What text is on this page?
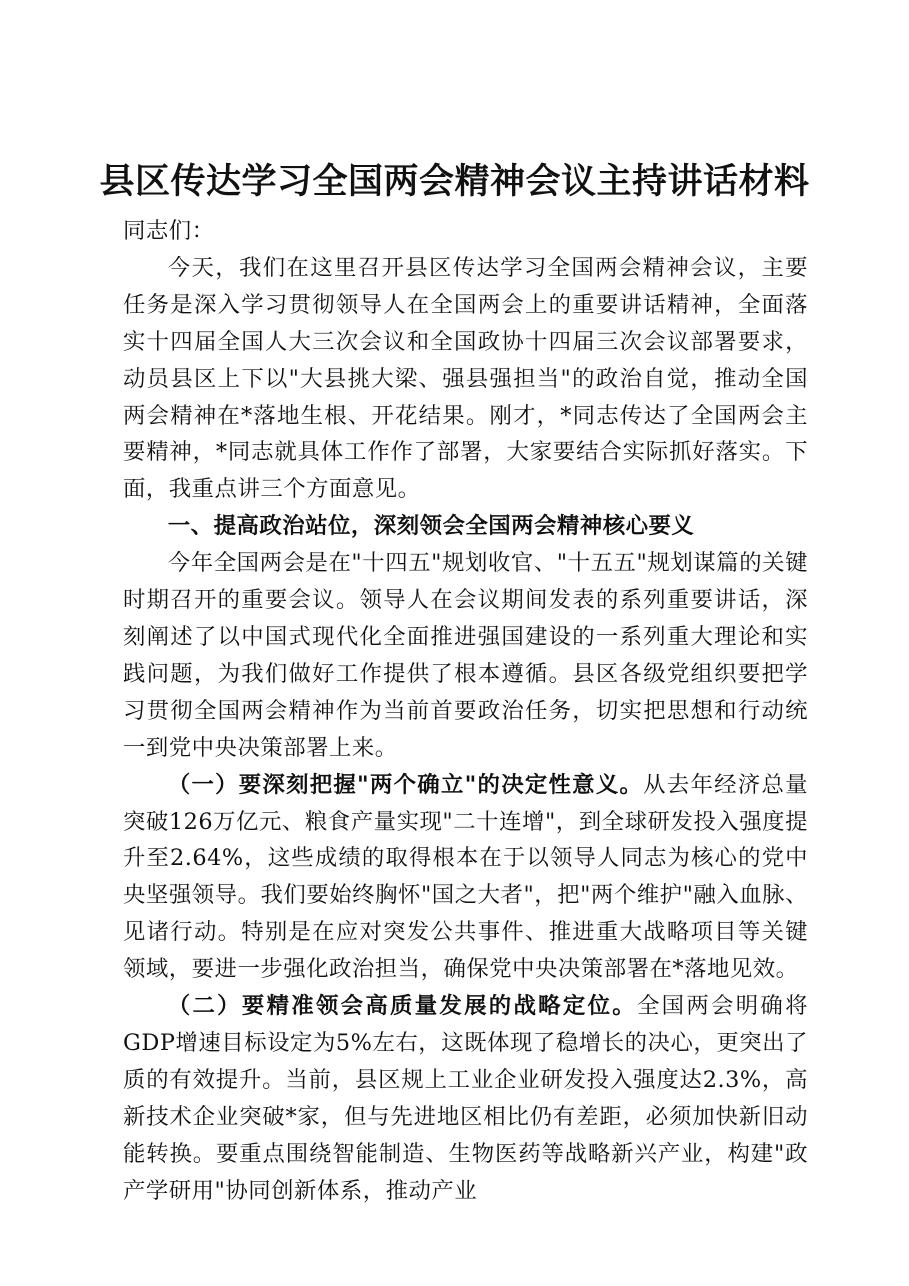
县区传达学习全国两会精神会议主持讲话材料

同志们：

今天，我们在这里召开县区传达学习全国两会精神会议，主要任务是深入学习贯彻领导人在全国两会上的重要讲话精神，全面落实十四届全国人大三次会议和全国政协十四届三次会议部署要求，动员县区上下以"大县挑大梁、强县强担当"的政治自觉，推动全国两会精神在*落地生根、开花结果。刚才，*同志传达了全国两会主要精神，*同志就具体工作作了部署，大家要结合实际抓好落实。下面，我重点讲三个方面意见。

一、提高政治站位，深刻领会全国两会精神核心要义

今年全国两会是在"十四五"规划收官、"十五五"规划谋篇的关键时期召开的重要会议。领导人在会议期间发表的系列重要讲话，深刻阐述了以中国式现代化全面推进强国建设的一系列重大理论和实践问题，为我们做好工作提供了根本遵循。县区各级党组织要把学习贯彻全国两会精神作为当前首要政治任务，切实把思想和行动统一到党中央决策部署上来。

（一）要深刻把握"两个确立"的决定性意义。从去年经济总量突破126万亿元、粮食产量实现"二十连增"，到全球研发投入强度提升至2.64%，这些成绩的取得根本在于以领导人同志为核心的党中央坚强领导。我们要始终胸怀"国之大者"，把"两个维护"融入血脉、见诸行动。特别是在应对突发公共事件、推进重大战略项目等关键领域，要进一步强化政治担当，确保党中央决策部署在*落地见效。

（二）要精准领会高质量发展的战略定位。全国两会明确将GDP增速目标设定为5%左右，这既体现了稳增长的决心，更突出了质的有效提升。当前，县区规上工业企业研发投入强度达2.3%，高新技术企业突破*家，但与先进地区相比仍有差距，必须加快新旧动能转换。要重点围绕智能制造、生物医药等战略新兴产业，构建"政产学研用"协同创新体系，推动产业
